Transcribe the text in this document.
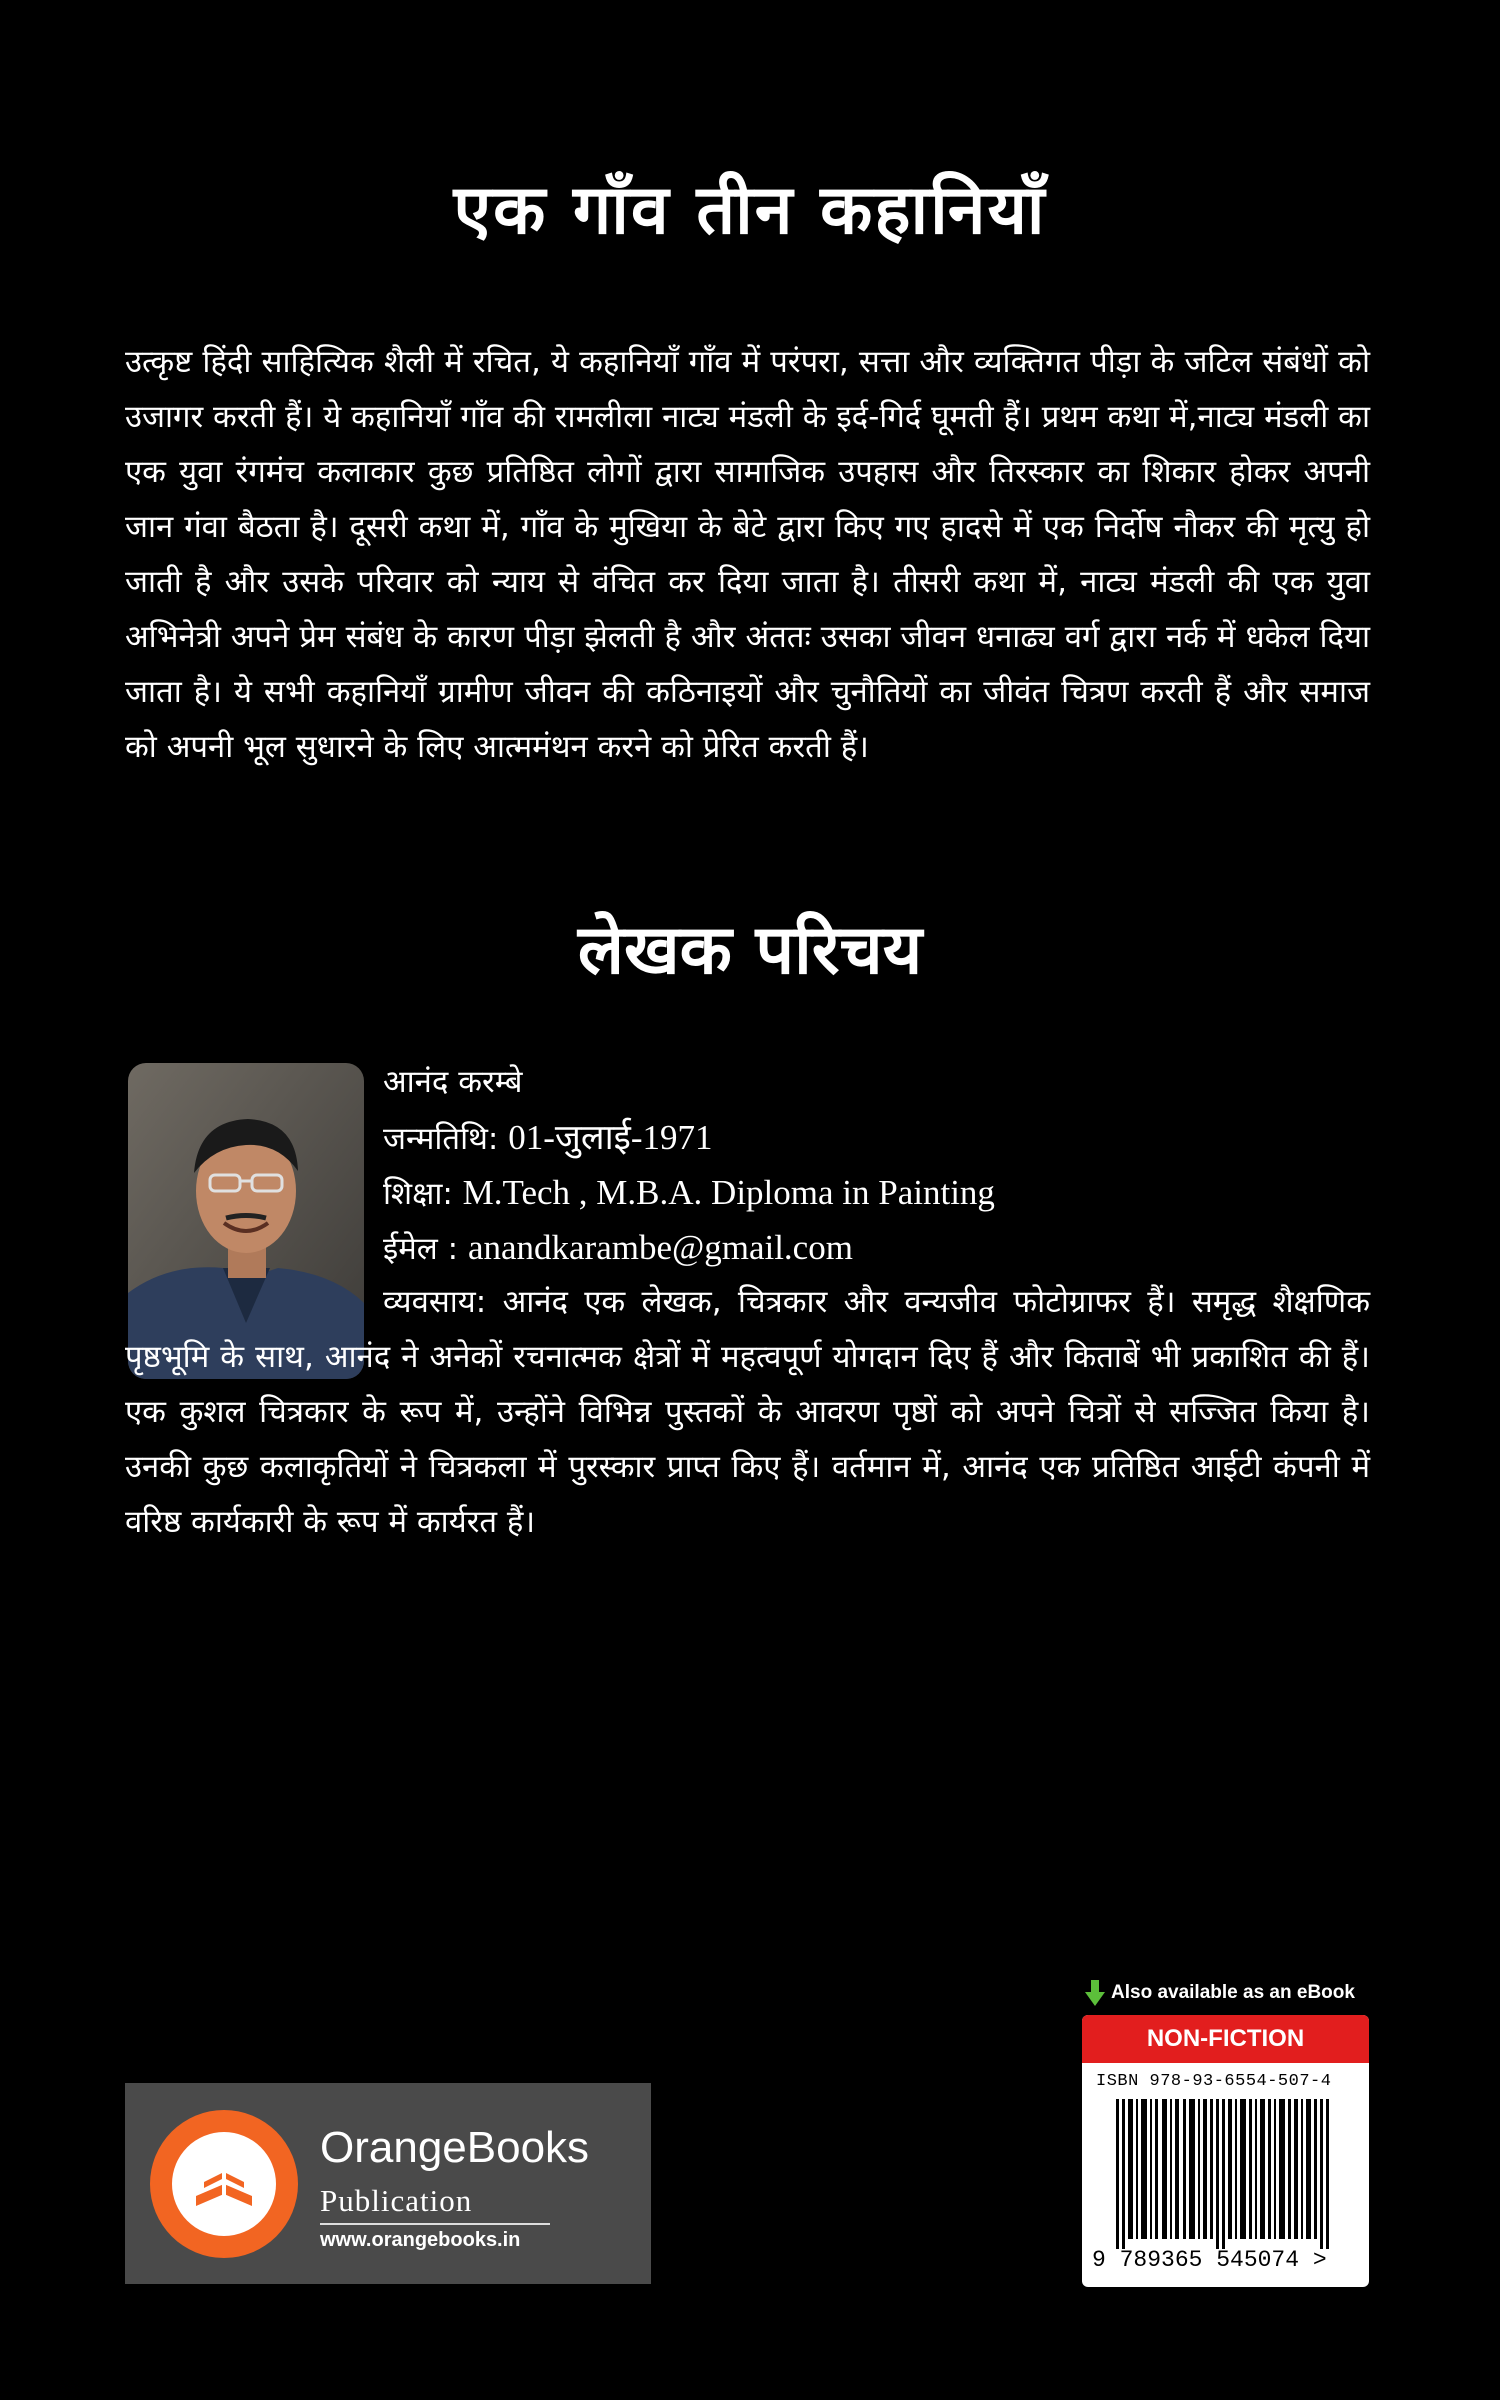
एक गाँव तीन कहानियाँ

उत्कृष्ट हिंदी साहित्यिक शैली में रचित, ये कहानियाँ गाँव में परंपरा, सत्ता और व्यक्तिगत पीड़ा के जटिल संबंधों को उजागर करती हैं। ये कहानियाँ गाँव की रामलीला नाट्य मंडली के इर्द-गिर्द घूमती हैं। प्रथम कथा में,नाट्य मंडली का एक युवा रंगमंच कलाकार कुछ प्रतिष्ठित लोगों द्वारा सामाजिक उपहास और तिरस्कार का शिकार होकर अपनी जान गंवा बैठता है। दूसरी कथा में, गाँव के मुखिया के बेटे द्वारा किए गए हादसे में एक निर्दोष नौकर की मृत्यु हो जाती है और उसके परिवार को न्याय से वंचित कर दिया जाता है। तीसरी कथा में, नाट्य मंडली की एक युवा अभिनेत्री अपने प्रेम संबंध के कारण पीड़ा झेलती है और अंततः उसका जीवन धनाढ्य वर्ग द्वारा नर्क में धकेल दिया जाता है। ये सभी कहानियाँ ग्रामीण जीवन की कठिनाइयों और चुनौतियों का जीवंत चित्रण करती हैं और समाज को अपनी भूल सुधारने के लिए आत्ममंथन करने को प्रेरित करती हैं।

लेखक परिचय
आनंद करम्बे
जन्मतिथि: 01-जुलाई-1971
शिक्षा: M.Tech , M.B.A. Diploma in Painting
ईमेल : anandkarambe@gmail.com

व्यवसाय: आनंद एक लेखक, चित्रकार और वन्यजीव फोटोग्राफर हैं। समृद्ध शैक्षणिक पृष्ठभूमि के साथ, आनंद ने अनेकों रचनात्मक क्षेत्रों में महत्वपूर्ण योगदान दिए हैं और किताबें भी प्रकाशित की हैं। एक कुशल चित्रकार के रूप में, उन्होंने विभिन्न पुस्तकों के आवरण पृष्ठों को अपने चित्रों से सज्जित किया है। उनकी कुछ कलाकृतियों ने चित्रकला में पुरस्कार प्राप्त किए हैं। वर्तमान में, आनंद एक प्रतिष्ठित आईटी कंपनी में वरिष्ठ कार्यकारी के रूप में कार्यरत हैं।

OrangeBooks
Publication
www.orangebooks.in
Also available as an eBook
NON-FICTION
ISBN 978-93-6554-507-4
9 789365 545074 >
